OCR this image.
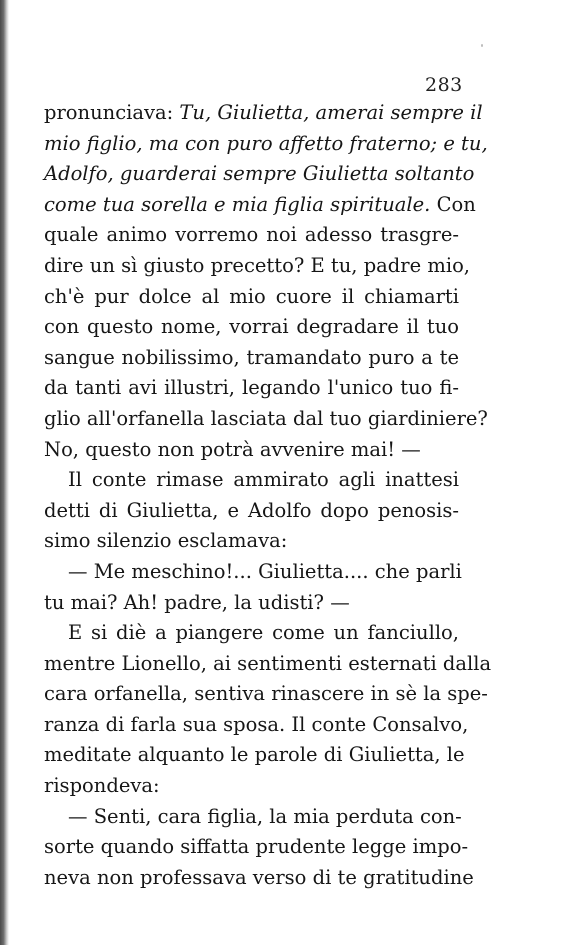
283
pronunciava: Tu, Giulietta, amerai sempre il
mio figlio, ma con puro affetto fraterno; e tu,
Adolfo, guarderai sempre Giulietta soltanto
come tua sorella e mia figlia spirituale. Con
quale animo vorremo noi adesso trasgre-
dire un sì giusto precetto? E tu, padre mio,
ch'è pur dolce al mio cuore il chiamarti
con questo nome, vorrai degradare il tuo
sangue nobilissimo, tramandato puro a te
da tanti avi illustri, legando l'unico tuo fi-
glio all'orfanella lasciata dal tuo giardiniere?
No, questo non potrà avvenire mai! —
Il conte rimase ammirato agli inattesi
detti di Giulietta, e Adolfo dopo penosis-
simo silenzio esclamava:
— Me meschino!... Giulietta.... che parli
tu mai? Ah! padre, la udisti? —
E si diè a piangere come un fanciullo,
mentre Lionello, ai sentimenti esternati dalla
cara orfanella, sentiva rinascere in sè la spe-
ranza di farla sua sposa. Il conte Consalvo,
meditate alquanto le parole di Giulietta, le
rispondeva:
— Senti, cara figlia, la mia perduta con-
sorte quando siffatta prudente legge impo-
neva non professava verso di te gratitudine
